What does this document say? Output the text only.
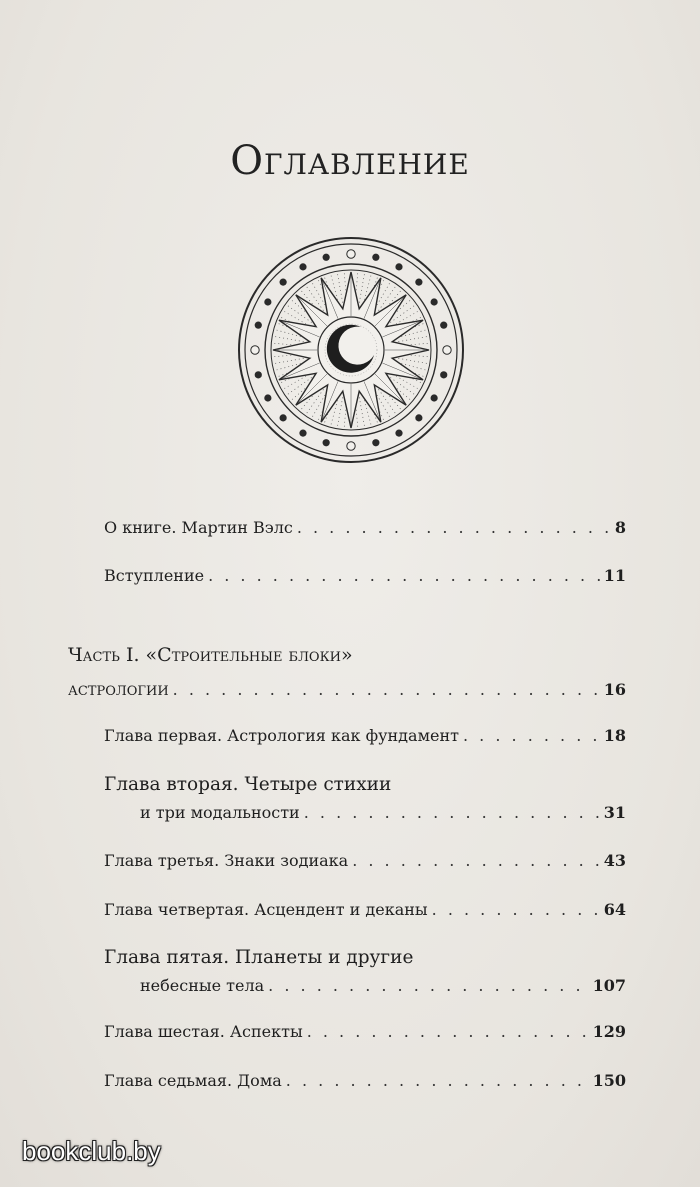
Оглавление
О книге. Мартин Вэлс . . .	8
Вступление . . .	11
Часть I. «Строительные блоки»
астрологии . . .	16
Глава первая. Астрология как фундамент . . .	18
Глава вторая. Четыре стихии
и три модальности . . .	31
Глава третья. Знаки зодиака . . .	43
Глава четвертая. Асцендент и деканы . . .	64
Глава пятая. Планеты и другие
небесные тела . . .	107
Глава шестая. Аспекты . . .	129
Глава седьмая. Дома . . .	150
bookclub.by
